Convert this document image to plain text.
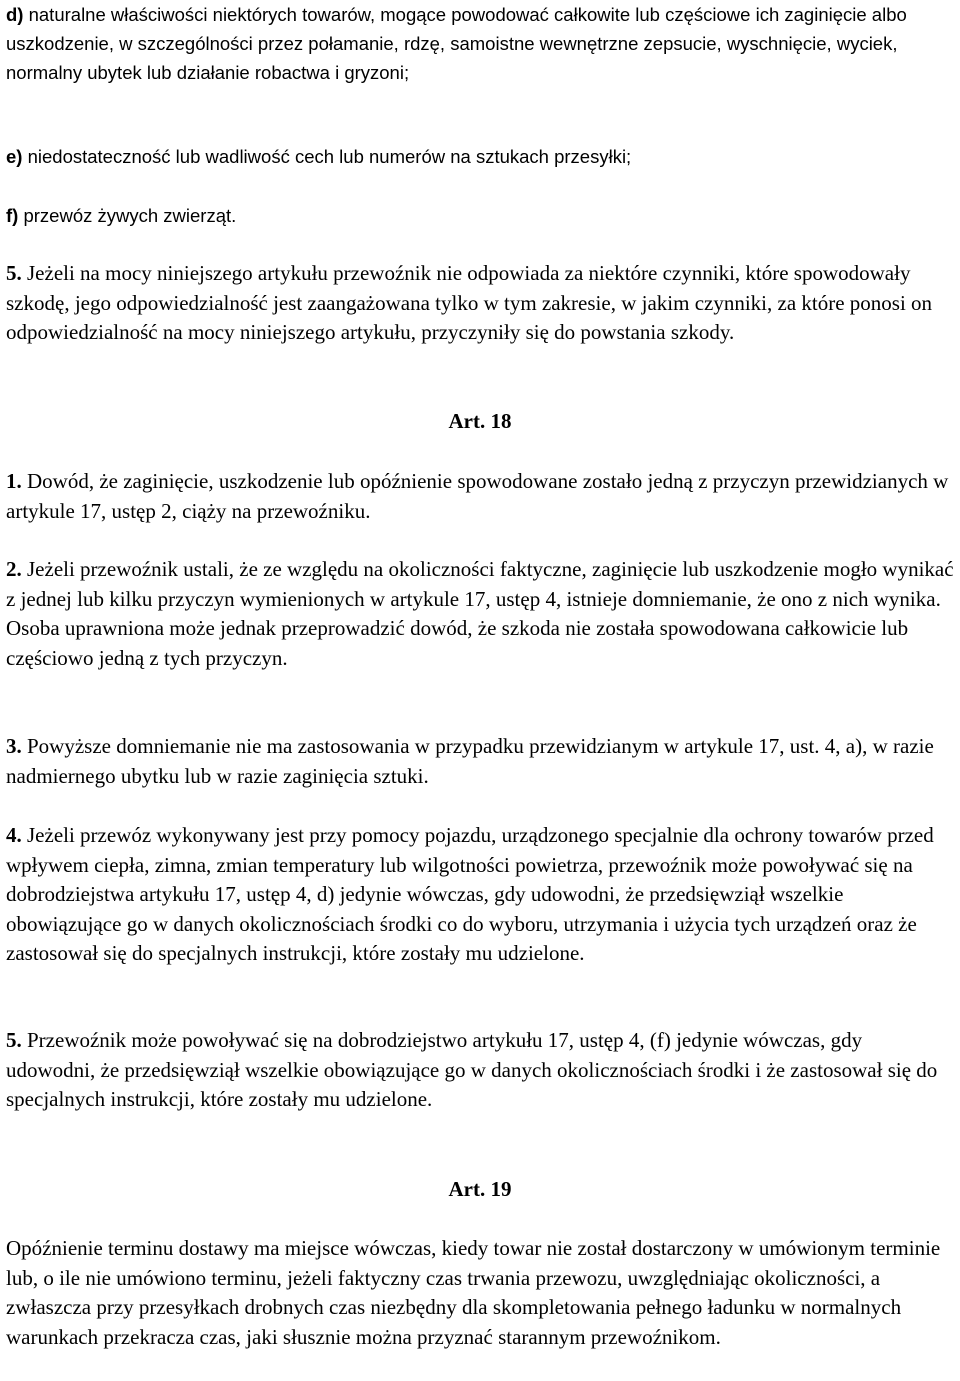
d) naturalne właściwości niektórych towarów, mogące powodować całkowite lub częściowe ich zaginięcie albo uszkodzenie, w szczególności przez połamanie, rdzę, samoistne wewnętrzne zepsucie, wyschnięcie, wyciek, normalny ubytek lub działanie robactwa i gryzoni;

e) niedostateczność lub wadliwość cech lub numerów na sztukach przesyłki;

f) przewóz żywych zwierząt.

5. Jeżeli na mocy niniejszego artykułu przewoźnik nie odpowiada za niektóre czynniki, które spowodowały szkodę, jego odpowiedzialność jest zaangażowana tylko w tym zakresie, w jakim czynniki, za które ponosi on odpowiedzialność na mocy niniejszego artykułu, przyczyniły się do powstania szkody.

Art. 18

1. Dowód, że zaginięcie, uszkodzenie lub opóźnienie spowodowane zostało jedną z przyczyn przewidzianych w artykule 17, ustęp 2, ciąży na przewoźniku.

2. Jeżeli przewoźnik ustali, że ze względu na okoliczności faktyczne, zaginięcie lub uszkodzenie mogło wynikać z jednej lub kilku przyczyn wymienionych w artykule 17, ustęp 4, istnieje domniemanie, że ono z nich wynika. Osoba uprawniona może jednak przeprowadzić dowód, że szkoda nie została spowodowana całkowicie lub częściowo jedną z tych przyczyn.

3. Powyższe domniemanie nie ma zastosowania w przypadku przewidzianym w artykule 17, ust. 4, a), w razie nadmiernego ubytku lub w razie zaginięcia sztuki.

4. Jeżeli przewóz wykonywany jest przy pomocy pojazdu, urządzonego specjalnie dla ochrony towarów przed wpływem ciepła, zimna, zmian temperatury lub wilgotności powietrza, przewoźnik może powoływać się na dobrodziejstwa artykułu 17, ustęp 4, d) jedynie wówczas, gdy udowodni, że przedsięwziął wszelkie obowiązujące go w danych okolicznościach środki co do wyboru, utrzymania i użycia tych urządzeń oraz że zastosował się do specjalnych instrukcji, które zostały mu udzielone.

5. Przewoźnik może powoływać się na dobrodziejstwo artykułu 17, ustęp 4, (f) jedynie wówczas, gdy udowodni, że przedsięwziął wszelkie obowiązujące go w danych okolicznościach środki i że zastosował się do specjalnych instrukcji, które zostały mu udzielone.

Art. 19

Opóźnienie terminu dostawy ma miejsce wówczas, kiedy towar nie został dostarczony w umówionym terminie lub, o ile nie umówiono terminu, jeżeli faktyczny czas trwania przewozu, uwzględniając okoliczności, a zwłaszcza przy przesyłkach drobnych czas niezbędny dla skompletowania pełnego ładunku w normalnych warunkach przekracza czas, jaki słusznie można przyznać starannym przewoźnikom.
